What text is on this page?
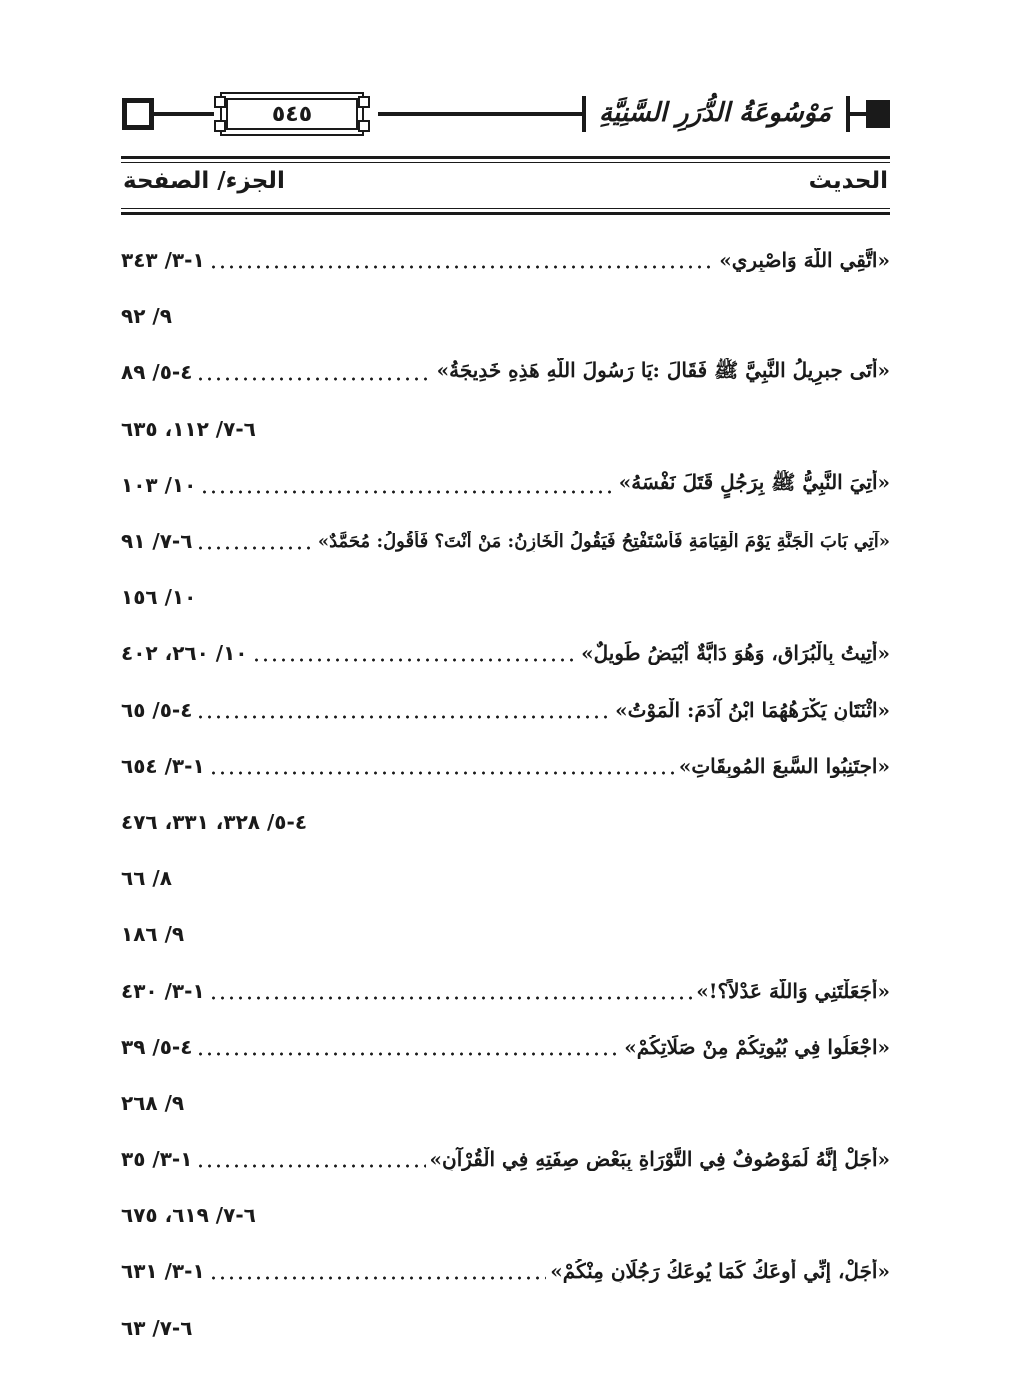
٥٤٥	مَوْسُوعَةُ الدُّرَرِ السَّنِيَّةِ
الحديث
الجزء/ الصفحة
«اتَّقِي اللَّهَ وَاصْبِرِي»
١-٣/ ٣٤٣
٩/ ٩٢
«أَتَى جبرِيلُ النَّبِيَّ ﷺ فَقَالَ :يَا رَسُولَ اللَّهِ هَذِهِ خَدِيجَةُ»
٤-٥/ ٨٩
٦-٧/ ١١٢، ٦٣٥
«أُتِيَ النَّبِيُّ ﷺ بِرَجُلٍ قَتَلَ نَفْسَهُ»
١٠/ ١٠٣
«آتِي بَابَ الْجَنَّةِ يَوْمَ الْقِيَامَةِ فَأَسْتَفْتِحُ فَيَقُولُ الْخَازِنُ: مَنْ أَنْتَ؟ فَأَقُولُ: مُحَمَّدٌ»
٦-٧/ ٩١
١٠/ ١٥٦
«أُتِيتُ بِالْبُرَاقِ، وَهُوَ دَابَّةٌ أَبْيَضُ طَوِيلٌ»
١٠/ ٢٦٠، ٤٠٢
«اثْنَتَانِ يَكْرَهُهُمَا ابْنُ آدَمَ: الْمَوْتُ»
٤-٥/ ٦٥
«اجتَنِبُوا السَّبعَ المُوبِقَاتِ»
١-٣/ ٦٥٤
٤-٥/ ٣٢٨، ٣٣١، ٤٧٦
٨/ ٦٦
٩/ ١٨٦
«أَجَعَلْتَنِي وَاللَّهَ عَدْلاً؟!»
١-٣/ ٤٣٠
«اجْعَلُوا فِي بُيُوتِكُمْ مِنْ صَلَاتِكُمْ»
٤-٥/ ٣٩
٩/ ٢٦٨
«أَجَلْ إِنَّهُ لَمَوْصُوفٌ فِي التَّوْرَاةِ بِبَعْضِ صِفَتِهِ فِي الْقُرْآنِ»
١-٣/ ٣٥
٦-٧/ ٦١٩، ٦٧٥
«أَجَلْ، إِنِّي أُوعَكُ كَمَا يُوعَكُ رَجُلَانِ مِنْكُمْ»
١-٣/ ٦٣١
٦-٧/ ٦٣
